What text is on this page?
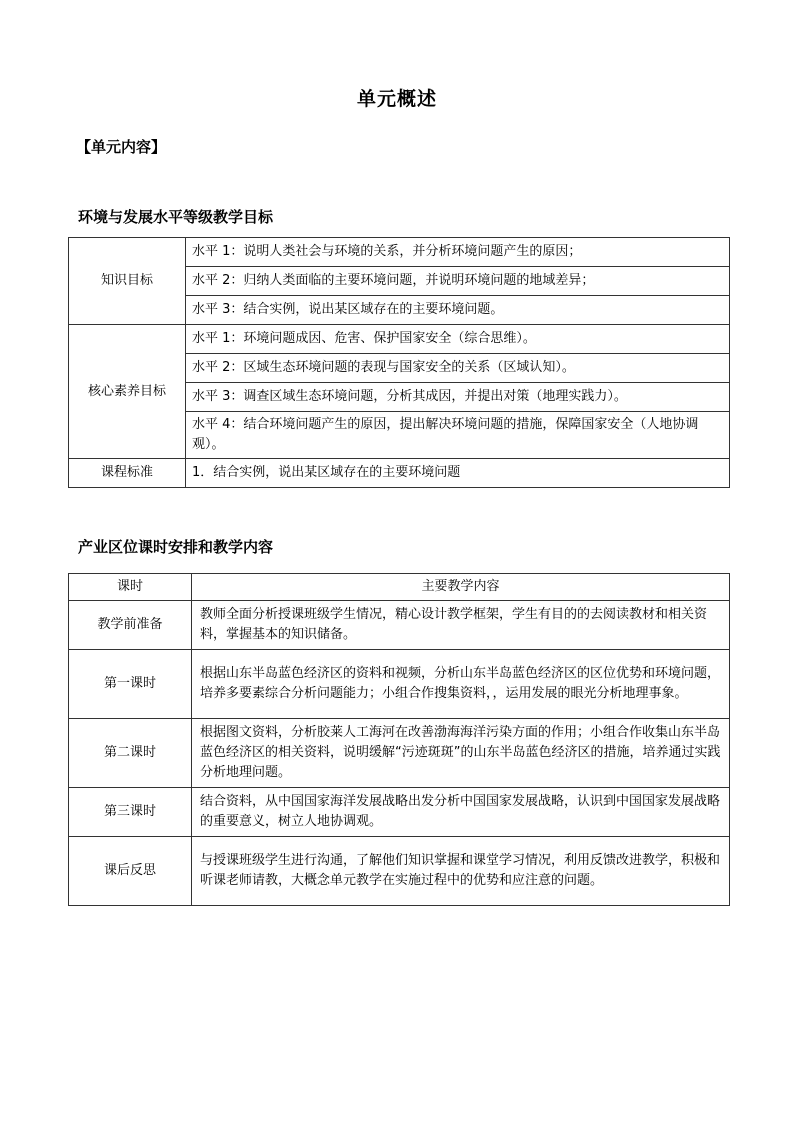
单元概述
【单元内容】
环境与发展水平等级教学目标
知识目标	水平 1：说明人类社会与环境的关系，并分析环境问题产生的原因；
	水平 2：归纳人类面临的主要环境问题，并说明环境问题的地域差异；
	水平 3：结合实例，说出某区域存在的主要环境问题。
核心素养目标	水平 1：环境问题成因、危害、保护国家安全（综合思维）。
	水平 2：区域生态环境问题的表现与国家安全的关系（区域认知）。
	水平 3：调查区域生态环境问题，分析其成因，并提出对策（地理实践力）。
	水平 4：结合环境问题产生的原因，提出解决环境问题的措施，保障国家安全（人地协调观）。
课程标准	1．结合实例，说出某区域存在的主要环境问题
产业区位课时安排和教学内容
课时	主要教学内容
教学前准备	教师全面分析授课班级学生情况，精心设计教学框架，学生有目的的去阅读教材和相关资料，掌握基本的知识储备。
第一课时	根据山东半岛蓝色经济区的资料和视频，分析山东半岛蓝色经济区的区位优势和环境问题，培养多要素综合分析问题能力；小组合作搜集资料，，运用发展的眼光分析地理事象。
第二课时	根据图文资料，分析胶莱人工海河在改善渤海海洋污染方面的作用；小组合作收集山东半岛蓝色经济区的相关资料，说明缓解“污迹斑斑”的山东半岛蓝色经济区的措施，培养通过实践分析地理问题。
第三课时	结合资料，从中国国家海洋发展战略出发分析中国国家发展战略，认识到中国国家发展战略的重要意义，树立人地协调观。
课后反思	与授课班级学生进行沟通，了解他们知识掌握和课堂学习情况，利用反馈改进教学，积极和听课老师请教，大概念单元教学在实施过程中的优势和应注意的问题。
